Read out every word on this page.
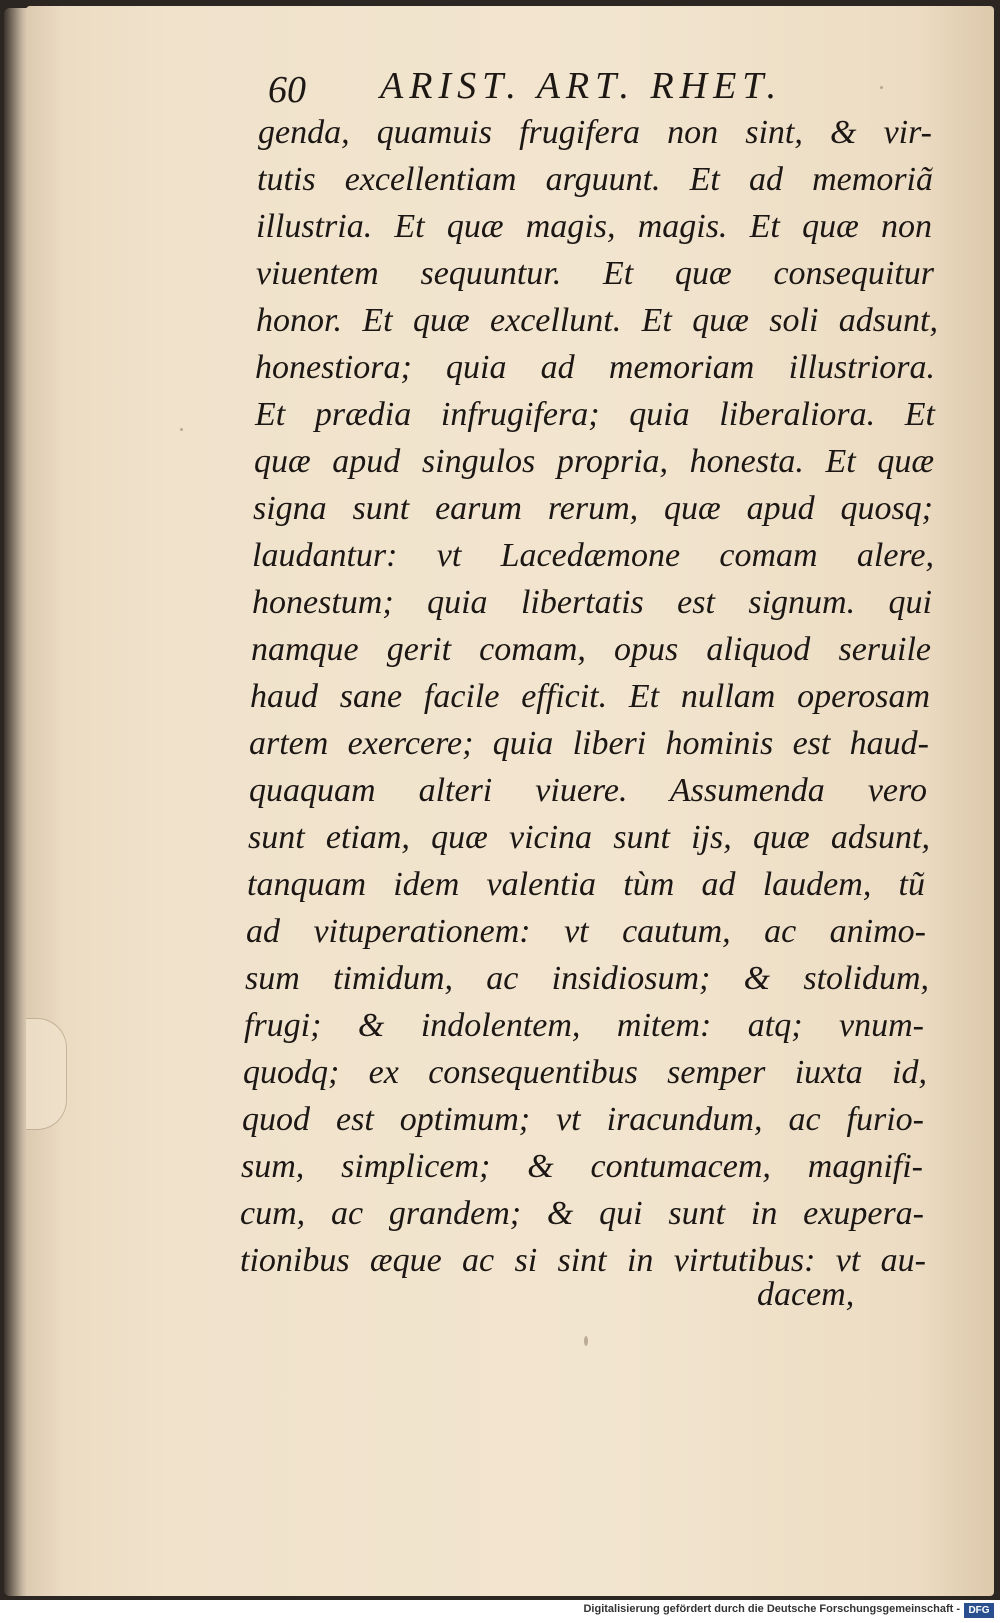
60 ARIST. ART. RHET.
genda, quamuis frugifera non sint, & vir-
tutis excellentiam arguunt. Et ad memoriã
illustria. Et quæ magis, magis. Et quæ non
viuentem sequuntur. Et quæ consequitur
honor. Et quæ excellunt. Et quæ soli adsunt,
honestiora; quia ad memoriam illustriora.
Et prædia infrugifera; quia liberaliora. Et
quæ apud singulos propria, honesta. Et quæ
signa sunt earum rerum, quæ apud quosq;
laudantur: vt Lacedæmone comam alere,
honestum; quia libertatis est signum. qui
namque gerit comam, opus aliquod seruile
haud sane facile efficit. Et nullam operosam
artem exercere; quia liberi hominis est haud-
quaquam alteri viuere. Assumenda vero
sunt etiam, quæ vicina sunt ijs, quæ adsunt,
tanquam idem valentia tùm ad laudem, tũ
ad vituperationem: vt cautum, ac animo-
sum timidum, ac insidiosum; & stolidum,
frugi; & indolentem, mitem: atq; vnum-
quodq; ex consequentibus semper iuxta id,
quod est optimum; vt iracundum, ac furio-
sum, simplicem; & contumacem, magnifi-
cum, ac grandem; & qui sunt in exupera-
tionibus æque ac si sint in virtutibus: vt au-
dacem,
Digitalisierung gefördert durch die Deutsche Forschungsgemeinschaft - DFG
